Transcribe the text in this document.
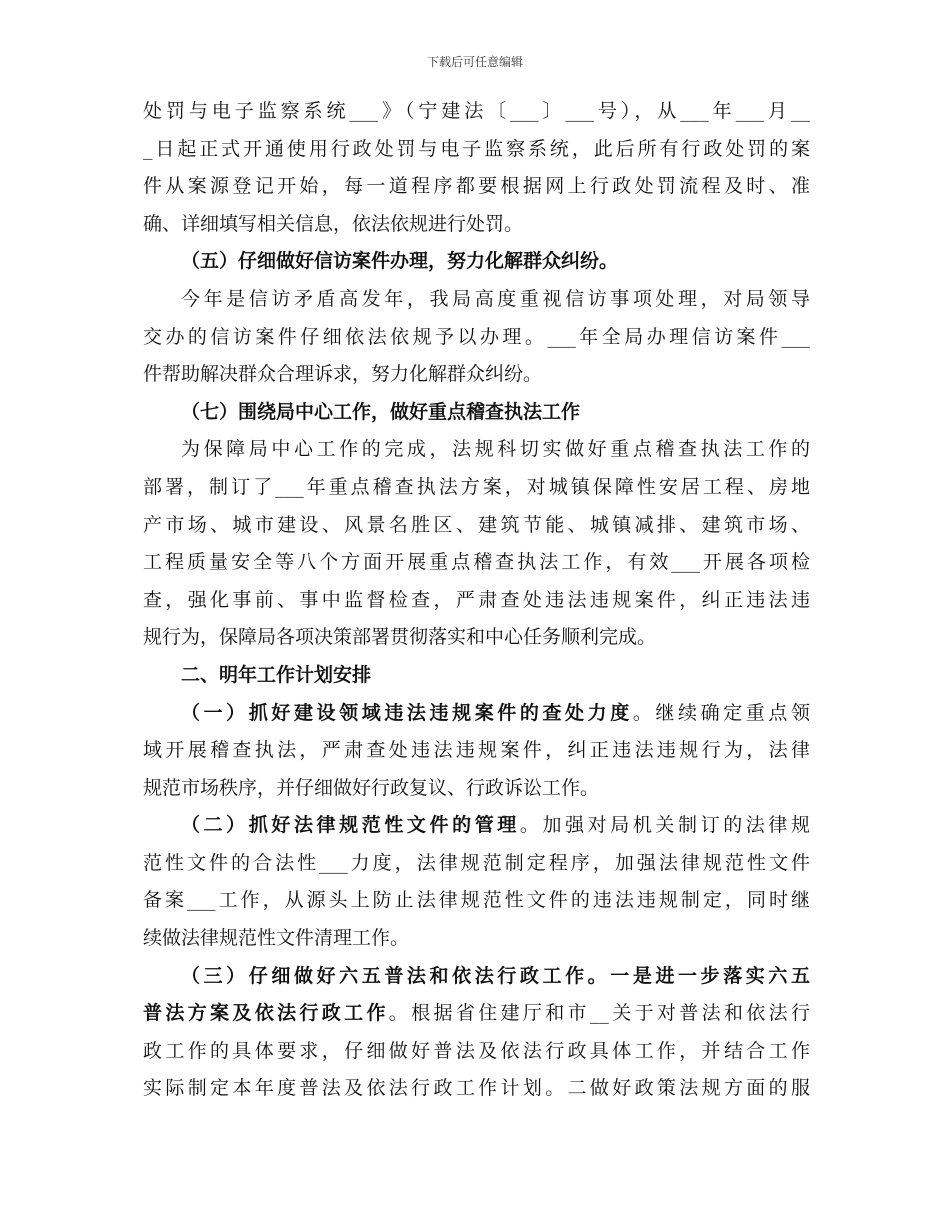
下载后可任意编辑
处罚与电子监察系统___》（宁建法〔___〕___号），从___年___月__
_日起正式开通使用行政处罚与电子监察系统，此后所有行政处罚的案
件从案源登记开始，每一道程序都要根据网上行政处罚流程及时、准
确、详细填写相关信息，依法依规进行处罚。
（五）仔细做好信访案件办理，努力化解群众纠纷。
今年是信访矛盾高发年，我局高度重视信访事项处理，对局领导
交办的信访案件仔细依法依规予以办理。___年全局办理信访案件___
件帮助解决群众合理诉求，努力化解群众纠纷。
（七）围绕局中心工作，做好重点稽查执法工作
为保障局中心工作的完成，法规科切实做好重点稽查执法工作的
部署，制订了___年重点稽查执法方案，对城镇保障性安居工程、房地
产市场、城市建设、风景名胜区、建筑节能、城镇减排、建筑市场、
工程质量安全等八个方面开展重点稽查执法工作，有效___开展各项检
查，强化事前、事中监督检查，严肃查处违法违规案件，纠正违法违
规行为，保障局各项决策部署贯彻落实和中心任务顺利完成。
二、明年工作计划安排
（一）抓好建设领域违法违规案件的查处力度。继续确定重点领
域开展稽查执法，严肃查处违法违规案件，纠正违法违规行为，法律
规范市场秩序，并仔细做好行政复议、行政诉讼工作。
（二）抓好法律规范性文件的管理。加强对局机关制订的法律规
范性文件的合法性___力度，法律规范制定程序，加强法律规范性文件
备案___工作，从源头上防止法律规范性文件的违法违规制定，同时继
续做法律规范性文件清理工作。
（三）仔细做好六五普法和依法行政工作。一是进一步落实六五
普法方案及依法行政工作。根据省住建厅和市__关于对普法和依法行
政工作的具体要求，仔细做好普法及依法行政具体工作，并结合工作
实际制定本年度普法及依法行政工作计划。二做好政策法规方面的服
